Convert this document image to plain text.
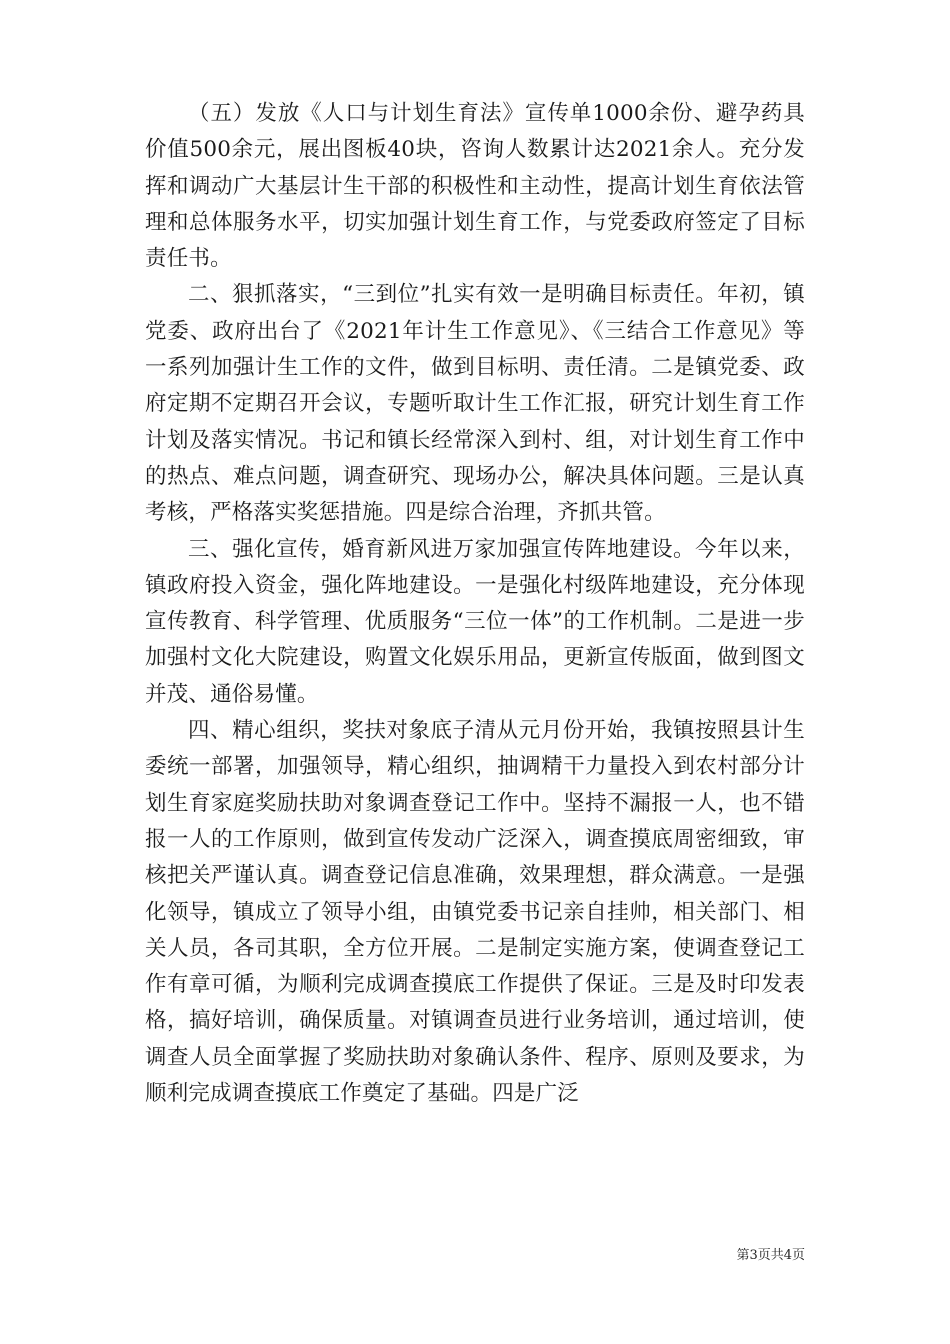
（五）发放《人口与计划生育法》宣传单1000余份、避孕药具价值500余元，展出图板40块，咨询人数累计达2021余人。充分发挥和调动广大基层计生干部的积极性和主动性，提高计划生育依法管理和总体服务水平，切实加强计划生育工作，与党委政府签定了目标责任书。

二、狠抓落实，“三到位”扎实有效一是明确目标责任。年初，镇党委、政府出台了《2021年计生工作意见》、《三结合工作意见》等一系列加强计生工作的文件，做到目标明、责任清。二是镇党委、政府定期不定期召开会议，专题听取计生工作汇报，研究计划生育工作计划及落实情况。书记和镇长经常深入到村、组，对计划生育工作中的热点、难点问题，调查研究、现场办公，解决具体问题。三是认真考核，严格落实奖惩措施。四是综合治理，齐抓共管。

三、强化宣传，婚育新风进万家加强宣传阵地建设。今年以来，镇政府投入资金，强化阵地建设。一是强化村级阵地建设，充分体现宣传教育、科学管理、优质服务“三位一体”的工作机制。二是进一步加强村文化大院建设，购置文化娱乐用品，更新宣传版面，做到图文并茂、通俗易懂。

四、精心组织，奖扶对象底子清从元月份开始，我镇按照县计生委统一部署，加强领导，精心组织，抽调精干力量投入到农村部分计划生育家庭奖励扶助对象调查登记工作中。坚持不漏报一人，也不错报一人的工作原则，做到宣传发动广泛深入，调查摸底周密细致，审核把关严谨认真。调查登记信息准确，效果理想，群众满意。一是强化领导，镇成立了领导小组，由镇党委书记亲自挂帅，相关部门、相关人员，各司其职，全方位开展。二是制定实施方案，使调查登记工作有章可循，为顺利完成调查摸底工作提供了保证。三是及时印发表格，搞好培训，确保质量。对镇调查员进行业务培训，通过培训，使调查人员全面掌握了奖励扶助对象确认条件、程序、原则及要求，为顺利完成调查摸底工作奠定了基础。四是广泛

第3页共4页
